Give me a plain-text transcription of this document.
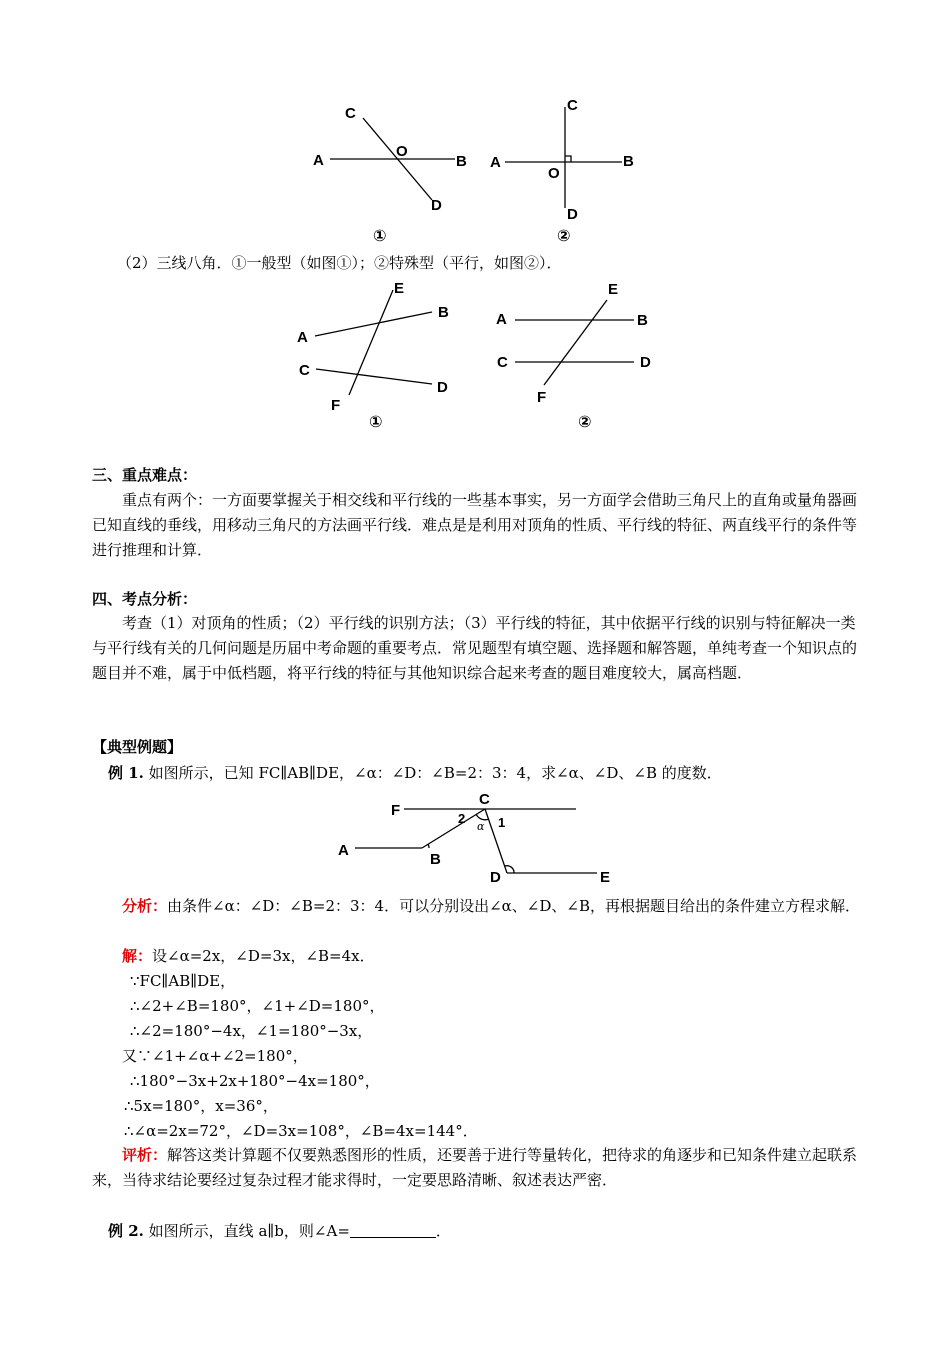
C
A
O
B
D
①
C
A
O
B
D
②
E
B
A
C
D
F
①
E
A	B
C	D
F
②
F
C
2
α 1
A
B
D	E
（2）三线八角．①一般型（如图①）；②特殊型（平行，如图②）．
三、重点难点：
重点有两个：一方面要掌握关于相交线和平行线的一些基本事实，另一方面学会借助三角尺上的直角或量角器画已知直线的垂线，用移动三角尺的方法画平行线．难点是是利用对顶角的性质、平行线的特征、两直线平行的条件等进行推理和计算．
四、考点分析：
考查（1）对顶角的性质；（2）平行线的识别方法；（3）平行线的特征，其中依据平行线的识别与特征解决一类与平行线有关的几何问题是历届中考命题的重要考点．常见题型有填空题、选择题和解答题，单纯考查一个知识点的题目并不难，属于中低档题，将平行线的特征与其他知识综合起来考查的题目难度较大，属高档题．
【典型例题】
例 1. 如图所示，已知 FC∥AB∥DE，∠α：∠D：∠B=2：3：4，求∠α、∠D、∠B 的度数．
分析：由条件∠α：∠D：∠B=2：3：4．可以分别设出∠α、∠D、∠B，再根据题目给出的条件建立方程求解．
解：设∠α=2x，∠D=3x，∠B=4x．
∵FC∥AB∥DE，
∴∠2+∠B=180°，∠1+∠D=180°，
∴∠2=180°−4x，∠1=180°−3x，
又∵∠1+∠α+∠2=180°，
∴180°−3x+2x+180°−4x=180°，
∴5x=180°，x=36°，
∴∠α=2x=72°，∠D=3x=108°，∠B=4x=144°．
评析：解答这类计算题不仅要熟悉图形的性质，还要善于进行等量转化，把待求的角逐步和已知条件建立起联系来，当待求结论要经过复杂过程才能求得时，一定要思路清晰、叙述表达严密．
例 2. 如图所示，直线 a∥b，则∠A=	．
